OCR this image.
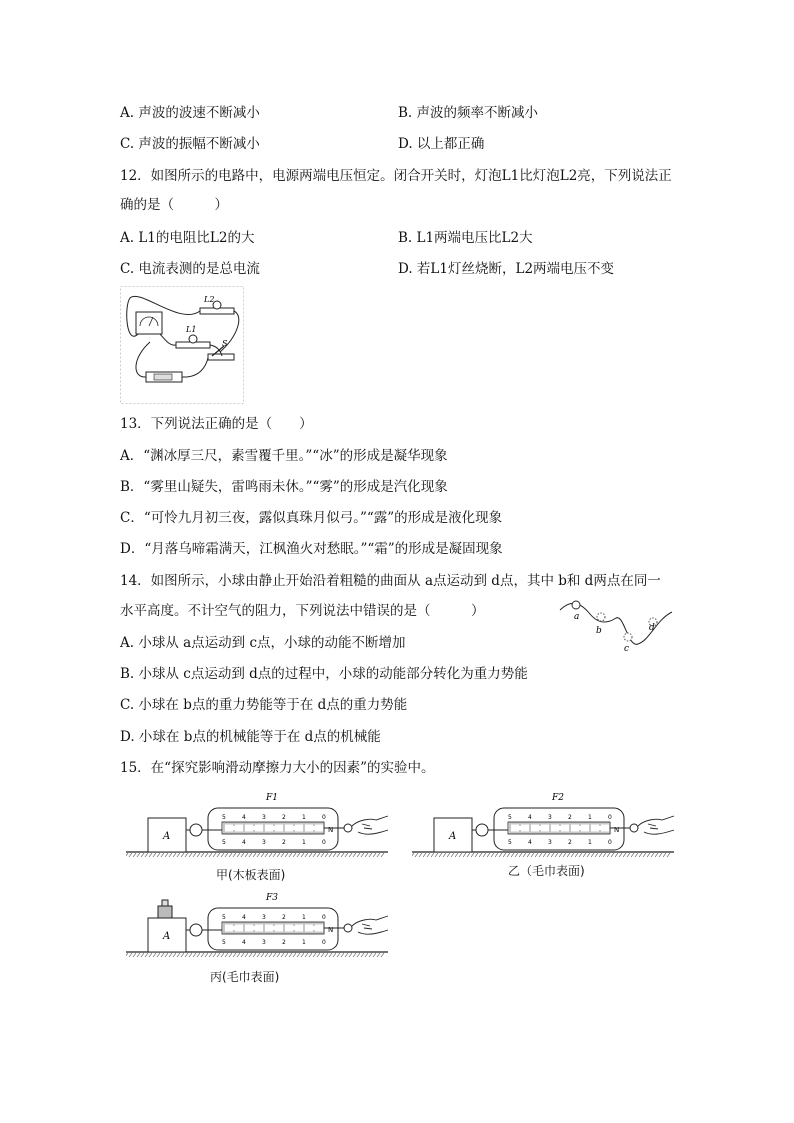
A. 声波的波速不断减小	B. 声波的频率不断减小
C. 声波的振幅不断减小	D. 以上都正确
12．如图所示的电路中，电源两端电压恒定。闭合开关时，灯泡L1比灯泡L2亮，下列说法正
确的是（　　　）
A. L1的电阻比L2的大	B. L1两端电压比L2大
C. 电流表测的是总电流	D. 若L1灯丝烧断，L2两端电压不变
L2
L1
S
13．下列说法正确的是（　　）
A．“渊冰厚三尺，素雪覆千里。”“冰”的形成是凝华现象
B．“雾里山疑失，雷鸣雨未休。”“雾”的形成是汽化现象
C．“可怜九月初三夜，露似真珠月似弓。”“露”的形成是液化现象
D．“月落乌啼霜满天，江枫渔火对愁眠。”“霜”的形成是凝固现象
14．如图所示，小球由静止开始沿着粗糙的曲面从 a点运动到 d点，其中 b和 d两点在同一
水平高度。不计空气的阻力，下列说法中错误的是（　　　）
A. 小球从 a点运动到 c点，小球的动能不断增加
B. 小球从 c点运动到 d点的过程中，小球的动能部分转化为重力势能
C. 小球在 b点的重力势能等于在 d点的重力势能
D. 小球在 b点的机械能等于在 d点的机械能
a
b
c
d
15．在“探究影响滑动摩擦力大小的因素”的实验中。
A
5
5
4
4
3
3
2
2
1
1
0
0
N
F1
A
5
5
4
4
3
3
2
2
1
1
0
0
N
F2
A
5
5
4
4
3
3
2
2
1
1
0
0
N
F3
甲(木板表面)	乙（毛巾表面)
丙(毛巾表面)
